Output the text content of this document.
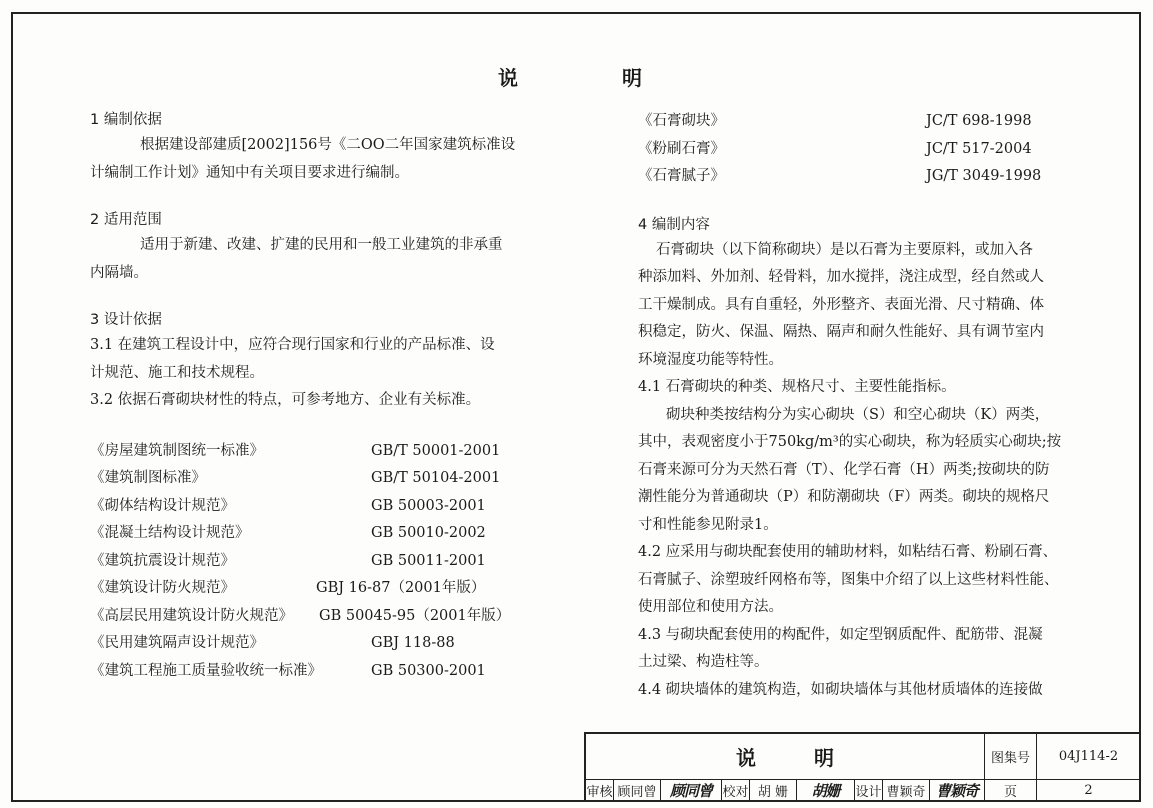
说	明

1 编制依据

根据建设部建质[2002]156号《二OO二年国家建筑标准设

计编制工作计划》通知中有关项目要求进行编制。

2 适用范围

适用于新建、改建、扩建的民用和一般工业建筑的非承重

内隔墙。

3 设计依据

3.1 在建筑工程设计中，应符合现行国家和行业的产品标准、设

计规范、施工和技术规程。

3.2 依据石膏砌块材性的特点，可参考地方、企业有关标准。

《房屋建筑制图统一标准》	GB/T 50001-2001
《建筑制图标准》	GB/T 50104-2001
《砌体结构设计规范》	GB 50003-2001
《混凝土结构设计规范》	GB 50010-2002
《建筑抗震设计规范》	GB 50011-2001
《建筑设计防火规范》	GBJ 16-87（2001年版）
《高层民用建筑设计防火规范》 GB 50045-95（2001年版）
《民用建筑隔声设计规范》	GBJ 118-88
《建筑工程施工质量验收统一标准》	GB 50300-2001
《石膏砌块》	JC/T 698-1998
《粉刷石膏》	JC/T 517-2004
《石膏腻子》	JG/T 3049-1998

4 编制内容

石膏砌块（以下简称砌块）是以石膏为主要原料，或加入各

种添加料、外加剂、轻骨料，加水搅拌，浇注成型，经自然或人

工干燥制成。具有自重轻，外形整齐、表面光滑、尺寸精确、体

积稳定，防火、保温、隔热、隔声和耐久性能好、具有调节室内

环境湿度功能等特性。

4.1 石膏砌块的种类、规格尺寸、主要性能指标。

砌块种类按结构分为实心砌块（S）和空心砌块（K）两类，

其中，表观密度小于750kg/m³的实心砌块，称为轻质实心砌块;按

石膏来源可分为天然石膏（T）、化学石膏（H）两类;按砌块的防

潮性能分为普通砌块（P）和防潮砌块（F）两类。砌块的规格尺

寸和性能参见附录1。

4.2 应采用与砌块配套使用的辅助材料，如粘结石膏、粉刷石膏、

石膏腻子、涂塑玻纤网格布等，图集中介绍了以上这些材料性能、

使用部位和使用方法。

4.3 与砌块配套使用的构配件，如定型钢质配件、配筋带、混凝

土过梁、构造柱等。

4.4 砌块墙体的建筑构造，如砌块墙体与其他材质墙体的连接做

说	明	图集号	04J114-2
审核 顾同曾 顾同曾 校对 胡 姗	胡姗	设计 曹颖奇 曹颖奇	页	2
